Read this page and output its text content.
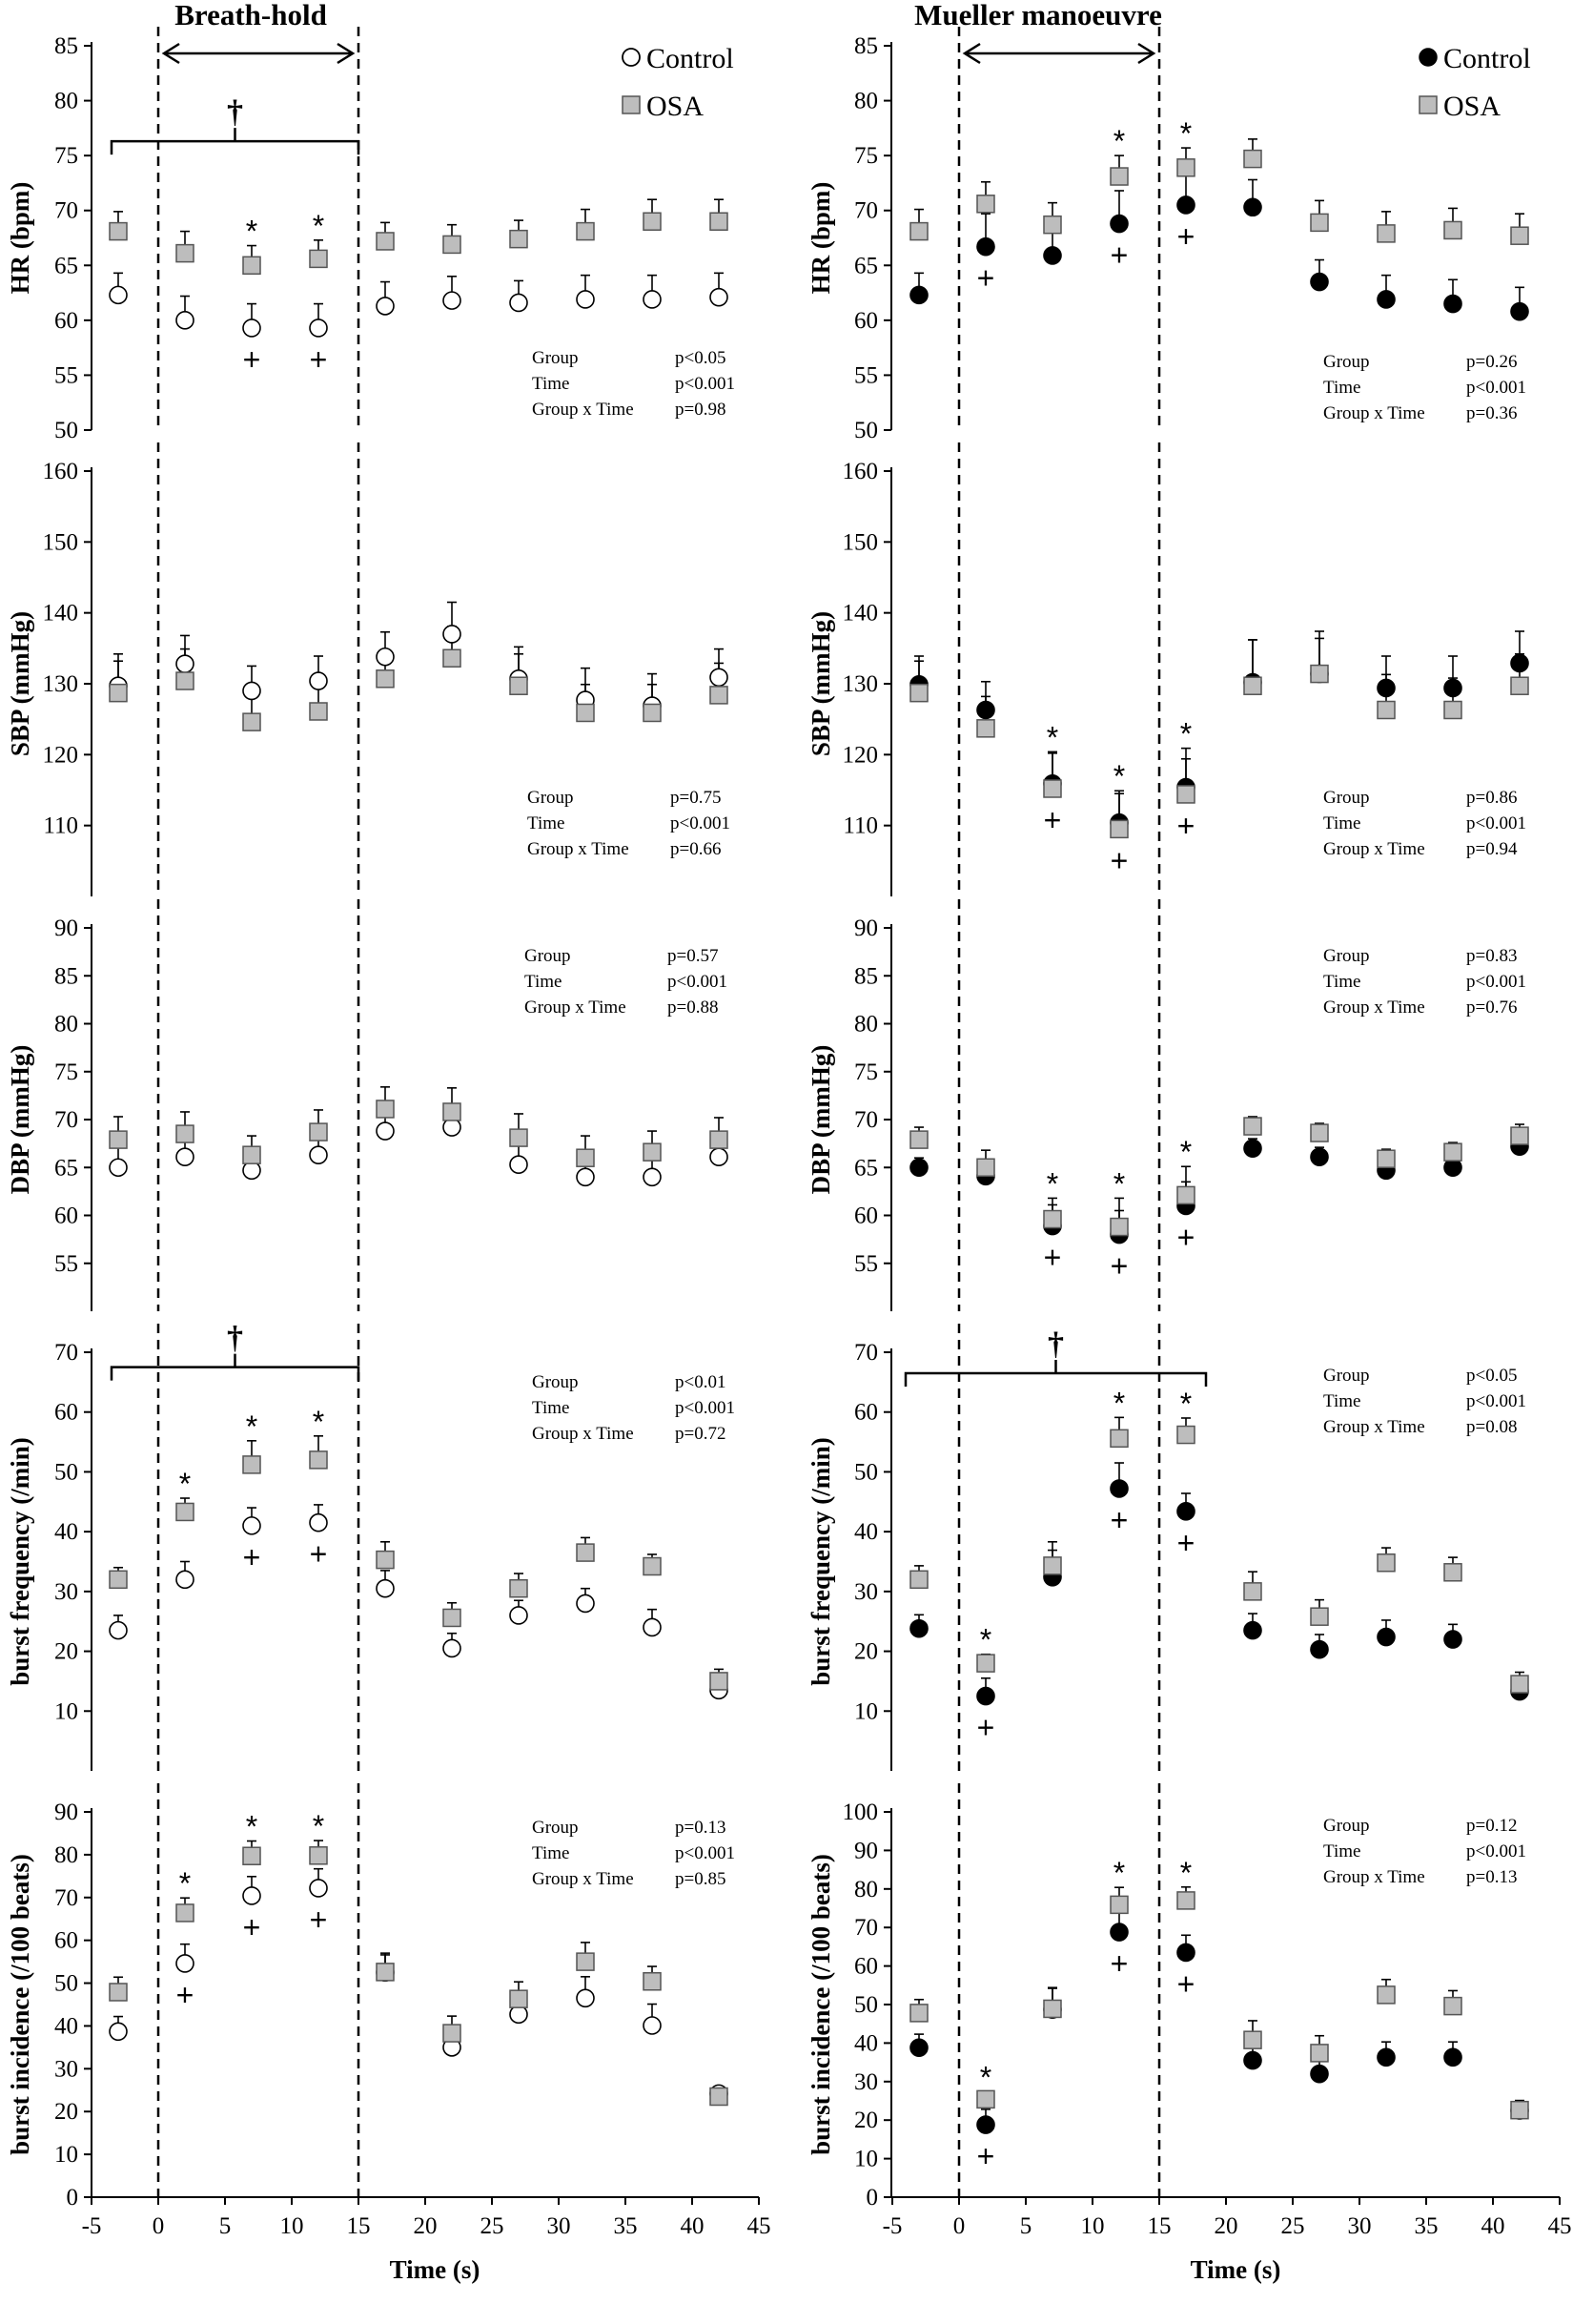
50
55
60
65
70
75
80
85
HR (bpm)
Breath-hold
†
Control
OSA
Group	p<0.05
Time	p<0.001
Group x Time p=0.98
* *
+ +
50
55
60
65
70
75
80
85
HR (bpm)
Mueller manoeuvre
Control
OSA
Group	p=0.26
Time	p<0.001
Group x Time p=0.36
* *
+
+
+
110
120
130
140
150
160
SBP (mmHg)
Group	p=0.75
Time	p<0.001
Group x Time p=0.66
110
120
130
140
150
160
SBP (mmHg)
Group	p=0.86
Time	p<0.001
Group x Time p=0.94
*
*
*
+
+
+
55
60
65
70
75
80
85
90
DBP (mmHg)
Group	p=0.57
Time	p<0.001
Group x Time p=0.88
55
60
65
70
75
80
85
90
DBP (mmHg)
Group	p=0.83
Time	p<0.001
Group x Time p=0.76
* *
*
+ +
+
10
20
30
40
50
60
70
burst frequency (/min)
†
Group	p<0.01
Time	p<0.001
Group x Time p=0.72
*
* *
+ +
10
20
30
40
50
60
70
burst frequency (/min)
†
Group	p<0.05
Time	p<0.001
Group x Time p=0.08
*
* *
+
+
+
0
10
20
30
40
50
60
70
80
90
burst incidence (/100 beats)
-5 0 5 10 15 20 25 30 35 40 45
Time (s)
Group	p=0.13
Time	p<0.001
Group x Time p=0.85
*
* *
+
+ +
0
10
20
30
40
50
60
70
80
90
100
burst incidence (/100 beats)
-5 0 5 10 15 20 25 30 35 40 45
Time (s)
Group	p=0.12
Time	p<0.001
Group x Time p=0.13
*
* *
+
+
+
